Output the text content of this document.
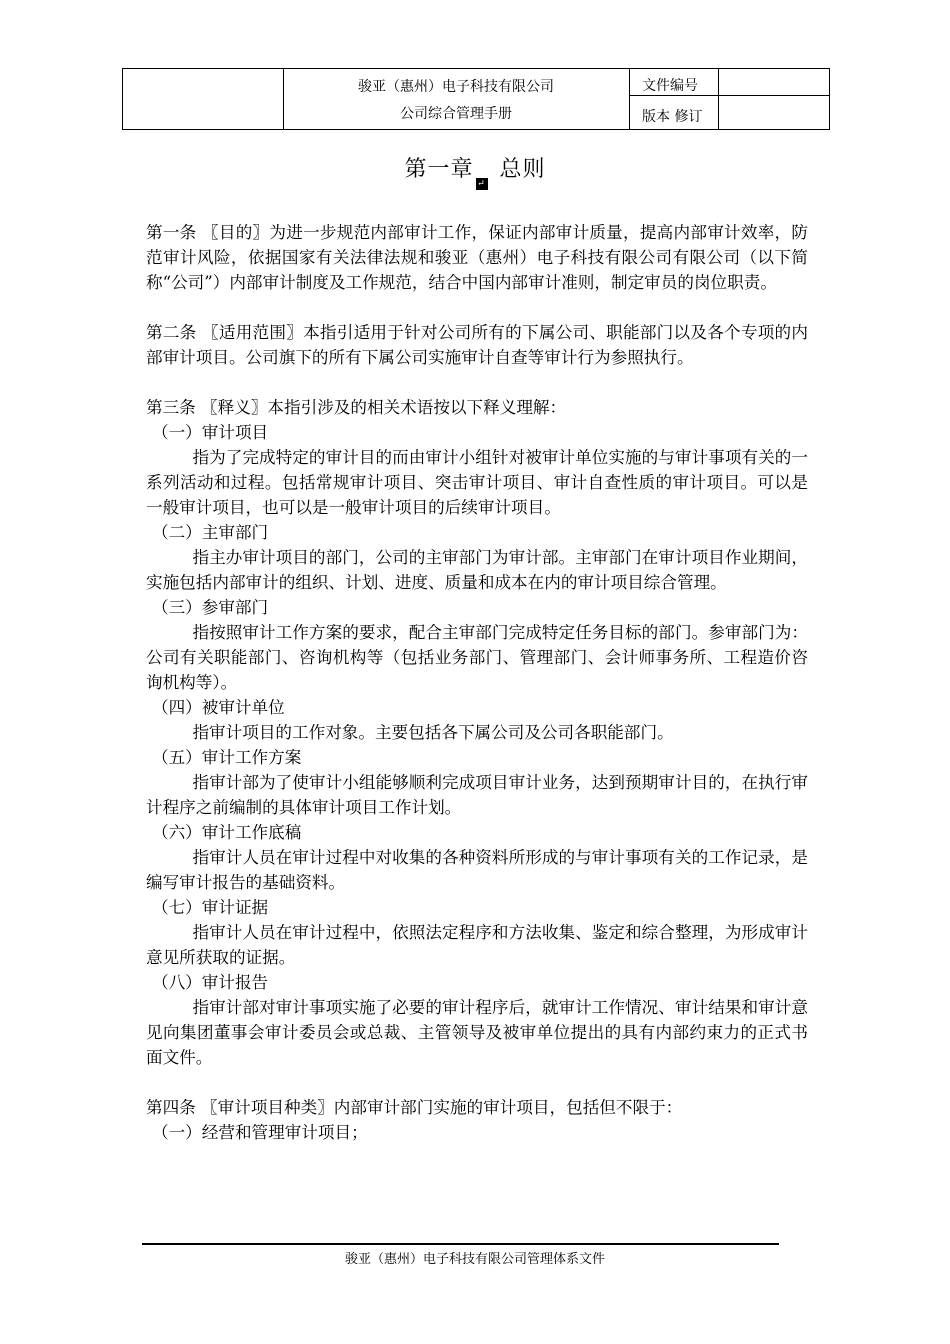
骏亚（惠州）电子科技有限公司
公司综合管理手册
文件编号
版本 修订
第一章↵总则

第一条 〖目的〗为进一步规范内部审计工作，保证内部审计质量，提高内部审计效率，防范审计风险，依据国家有关法律法规和骏亚（惠州）电子科技有限公司有限公司（以下简称“公司”）内部审计制度及工作规范，结合中国内部审计准则，制定审员的岗位职责。

第二条 〖适用范围〗本指引适用于针对公司所有的下属公司、职能部门以及各个专项的内部审计项目。公司旗下的所有下属公司实施审计自查等审计行为参照执行。

第三条 〖释义〗本指引涉及的相关术语按以下释义理解：

（一）审计项目

指为了完成特定的审计目的而由审计小组针对被审计单位实施的与审计事项有关的一系列活动和过程。包括常规审计项目、突击审计项目、审计自查性质的审计项目。可以是一般审计项目，也可以是一般审计项目的后续审计项目。

（二）主审部门

指主办审计项目的部门，公司的主审部门为审计部。主审部门在审计项目作业期间，实施包括内部审计的组织、计划、进度、质量和成本在内的审计项目综合管理。

（三）参审部门

指按照审计工作方案的要求，配合主审部门完成特定任务目标的部门。参审部门为：公司有关职能部门、咨询机构等（包括业务部门、管理部门、会计师事务所、工程造价咨询机构等）。

（四）被审计单位

指审计项目的工作对象。主要包括各下属公司及公司各职能部门。

（五）审计工作方案

指审计部为了使审计小组能够顺利完成项目审计业务，达到预期审计目的，在执行审计程序之前编制的具体审计项目工作计划。

（六）审计工作底稿

指审计人员在审计过程中对收集的各种资料所形成的与审计事项有关的工作记录，是编写审计报告的基础资料。

（七）审计证据

指审计人员在审计过程中，依照法定程序和方法收集、鉴定和综合整理，为形成审计意见所获取的证据。

（八）审计报告

指审计部对审计事项实施了必要的审计程序后，就审计工作情况、审计结果和审计意见向集团董事会审计委员会或总裁、主管领导及被审单位提出的具有内部约束力的正式书面文件。

第四条 〖审计项目种类〗内部审计部门实施的审计项目，包括但不限于：

（一）经营和管理审计项目；

骏亚（惠州）电子科技有限公司管理体系文件
